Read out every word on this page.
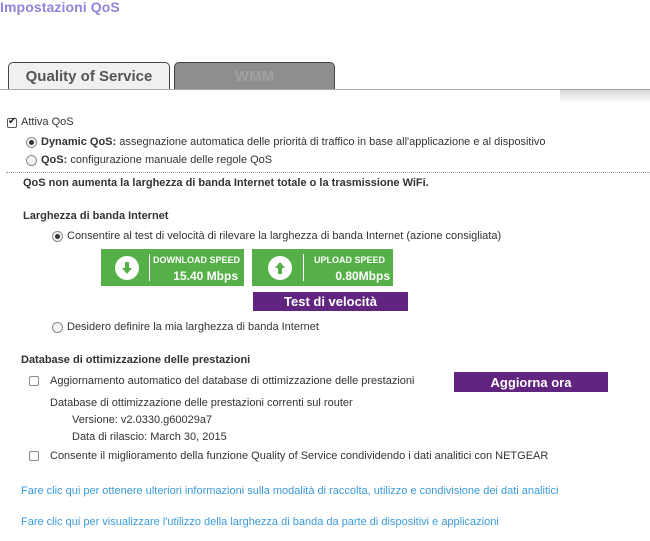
Impostazioni QoS
Quality of Service	WMM
✔
Attiva QoS
Dynamic QoS: assegnazione automatica delle priorità di traffico in base all'applicazione e al dispositivo
QoS: configurazione manuale delle regole QoS
QoS non aumenta la larghezza di banda Internet totale o la trasmissione WiFi.
Larghezza di banda Internet
Consentire al test di velocità di rilevare la larghezza di banda Internet (azione consigliata)
DOWNLOAD SPEED
15.40 Mbps
UPLOAD SPEED
0.80Mbps
Test di velocità
Desidero definire la mia larghezza di banda Internet
Database di ottimizzazione delle prestazioni
Aggiornamento automatico del database di ottimizzazione delle prestazioni	Aggiorna ora
Database di ottimizzazione delle prestazioni correnti sul router
Versione: v2.0330.g60029a7
Data di rilascio: March 30, 2015
Consente il miglioramento della funzione Quality of Service condividendo i dati analitici con NETGEAR
Fare clic qui per ottenere ulteriori informazioni sulla modalità di raccolta, utilizzo e condivisione dei dati analitici
Fare clic qui per visualizzare l'utilizzo della larghezza di banda da parte di dispositivi e applicazioni
